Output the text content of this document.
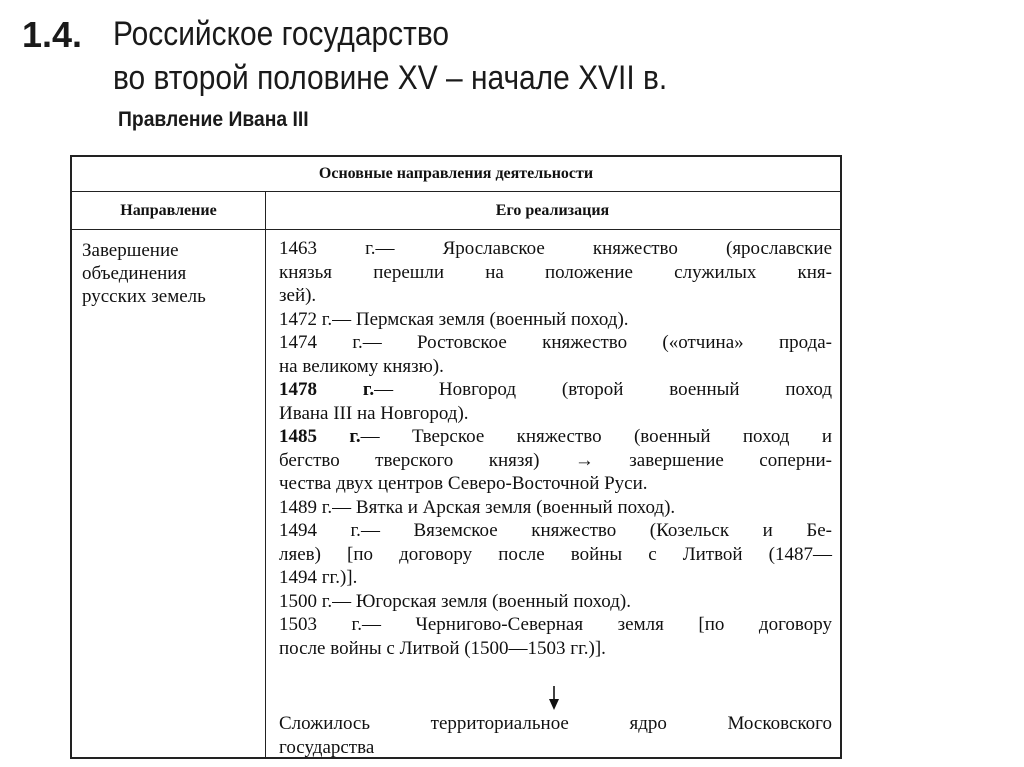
1.4. Российское государство
во второй половине XV – начале XVII в.
Правление Ивана III
Основные направления деятельности
Направление	Его реализация
Завершение
объединения
русских земель
1463 г.— Ярославское княжество (ярославские
князья перешли на положение служилых кня-
зей).
1472 г.— Пермская земля (военный поход).
1474 г.— Ростовское княжество («отчина» прода-
на великому князю).
1478 г.— Новгород (второй военный поход
Ивана III на Новгород).
1485 г.— Тверское княжество (военный поход и
бегство тверского князя) → завершение соперни-
чества двух центров Северо-Восточной Руси.
1489 г.— Вятка и Арская земля (военный поход).
1494 г.— Вяземское княжество (Козельск и Бе-
ляев) [по договору после войны с Литвой (1487—
1494 гг.)].
1500 г.— Югорская земля (военный поход).
1503 г.— Чернигово-Северная земля [по договору
после войны с Литвой (1500—1503 гг.)].
Сложилось территориальное ядро Московского
государства
